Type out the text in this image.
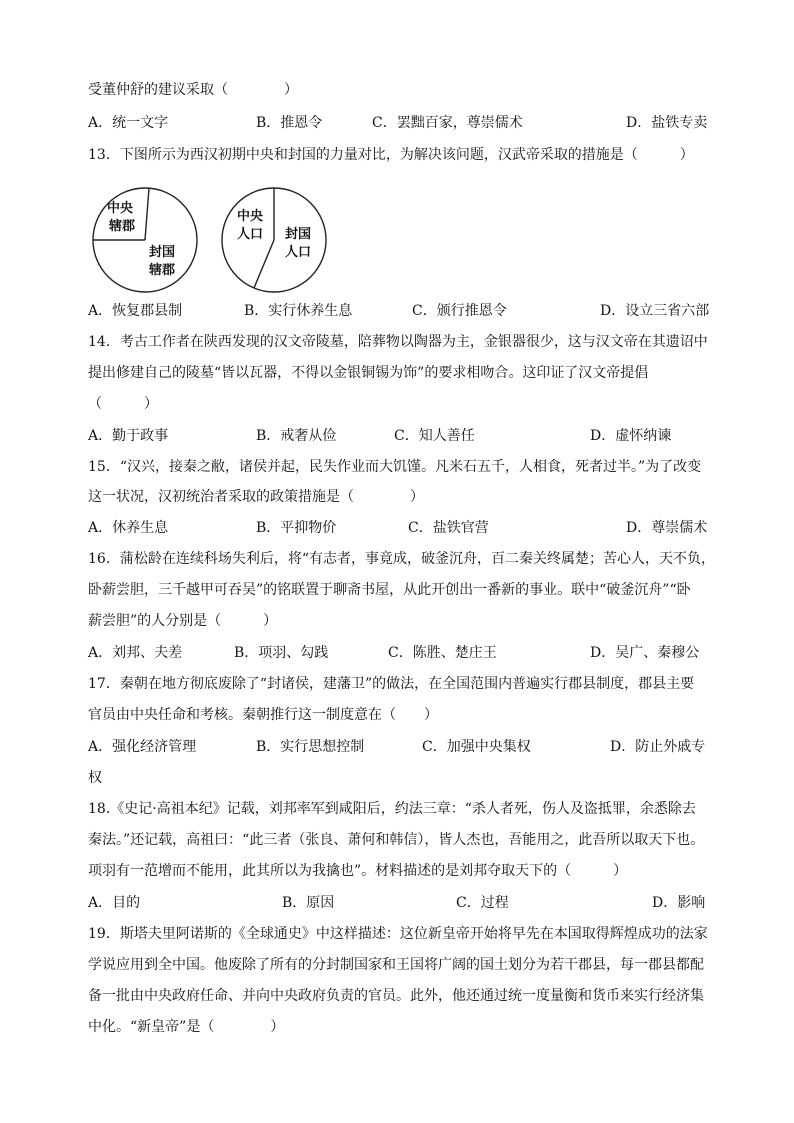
受董仲舒的建议采取（　　　　）
A．统一文字	B．推恩令	C．罢黜百家，尊崇儒术	D．盐铁专卖
13．下图所示为西汉初期中央和封国的力量对比，为解决该问题，汉武帝采取的措施是（　　　）
中央
辖郡
封国
辖郡
中央
人口 封国
人口
A．恢复郡县制	B．实行休养生息	C．颁行推恩令	D．设立三省六部
14．考古工作者在陕西发现的汉文帝陵墓，陪葬物以陶器为主，金银器很少，这与汉文帝在其遗诏中
提出修建自己的陵墓“皆以瓦器，不得以金银铜锡为饰”的要求相吻合。这印证了汉文帝提倡
（　　　）
A．勤于政事	B．戒奢从俭	C．知人善任	D．虚怀纳谏
15．“汉兴，接秦之敝，诸侯并起，民失作业而大饥馑。凡米石五千，人相食，死者过半。”为了改变
这一状况，汉初统治者采取的政策措施是（　　　　）
A．休养生息	B．平抑物价	C．盐铁官营	D．尊崇儒术
16．蒲松龄在连续科场失利后，将“有志者，事竟成，破釜沉舟，百二秦关终属楚；苦心人，天不负，
卧薪尝胆，三千越甲可吞吴”的铭联置于聊斋书屋，从此开创出一番新的事业。联中“破釜沉舟”“卧
薪尝胆”的人分别是（　　　）
A．刘邦、夫差	B．项羽、勾践	C．陈胜、楚庄王	D．吴广、秦穆公
17．秦朝在地方彻底废除了“封诸侯，建藩卫”的做法，在全国范围内普遍实行郡县制度，郡县主要
官员由中央任命和考核。秦朝推行这一制度意在（　　）
A．强化经济管理	B．实行思想控制	C．加强中央集权	D．防止外戚专
权
18.《史记·高祖本纪》记载，刘邦率军到咸阳后，约法三章：“杀人者死，伤人及盗抵罪，余悉除去
秦法。”还记载，高祖曰：“此三者（张良、萧何和韩信），皆人杰也，吾能用之，此吾所以取天下也。
项羽有一范增而不能用，此其所以为我擒也”。材料描述的是刘邦夺取天下的（　　　）
A．目的	B．原因	C．过程	D．影响
19．斯塔夫里阿诺斯的《全球通史》中这样描述：这位新皇帝开始将早先在本国取得辉煌成功的法家
学说应用到全中国。他废除了所有的分封制国家和王国将广阔的国土划分为若干郡县，每一郡县都配
备一批由中央政府任命、并向中央政府负责的官员。此外，他还通过统一度量衡和货币来实行经济集
中化。“新皇帝”是（　　　　）
